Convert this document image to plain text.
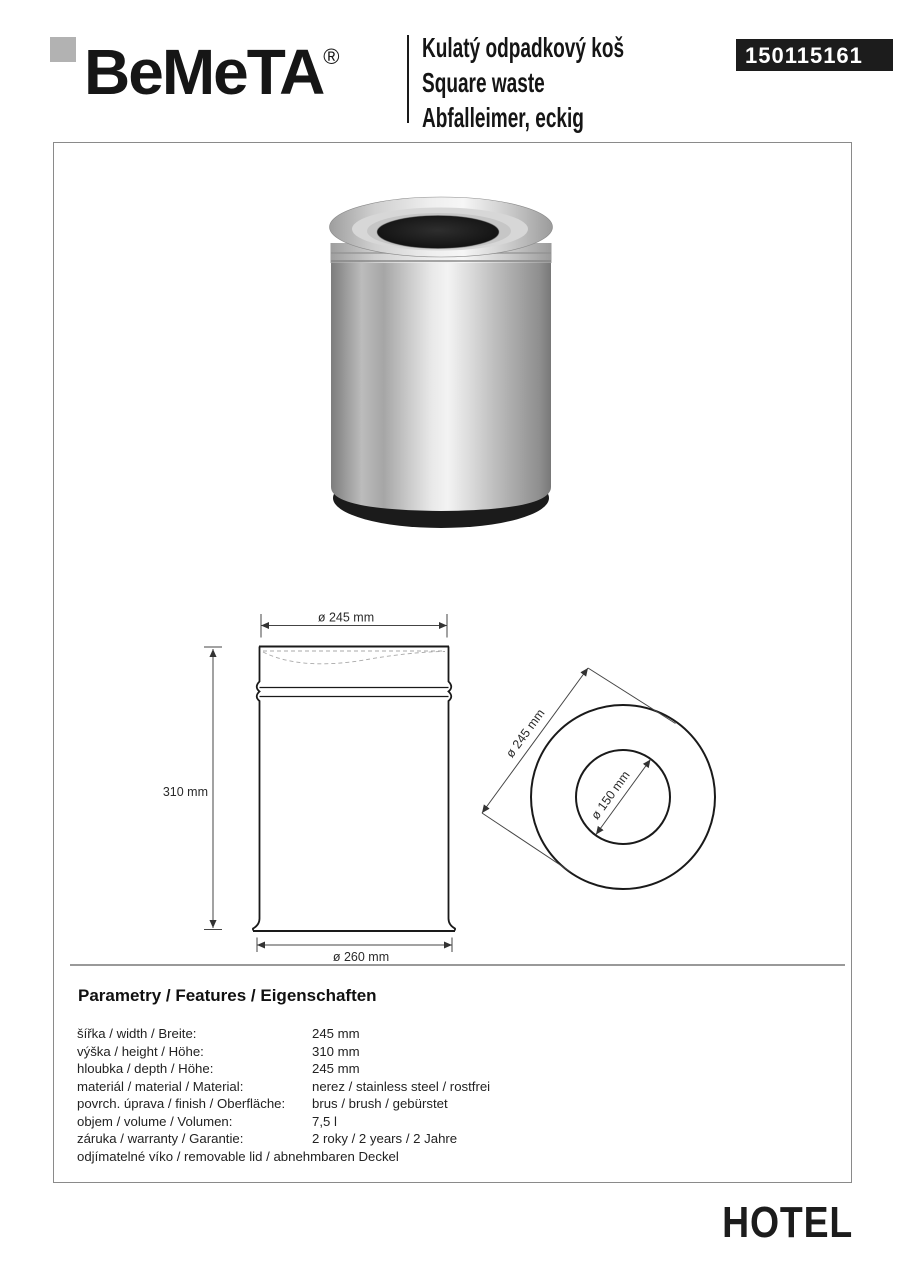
BeMeTA®	Kulatý odpadkový koš
Square waste
Abfalleimer, eckig
150115161
ø 245 mm
310 mm
ø 260 mm
ø 245 mm
ø 150 mm
Parametry / Features / Eigenschaften
šířka / width / Breite:	245 mm
výška / height / Höhe:	310 mm
hloubka / depth / Höhe:	245 mm
materiál / material / Material:	nerez / stainless steel / rostfrei
povrch. úprava / finish / Oberfläche:	brus / brush / gebürstet
objem / volume / Volumen:	7,5 l
záruka / warranty / Garantie:	2 roky / 2 years / 2 Jahre
odjímatelné víko / removable lid / abnehmbaren Deckel
HOTEL
